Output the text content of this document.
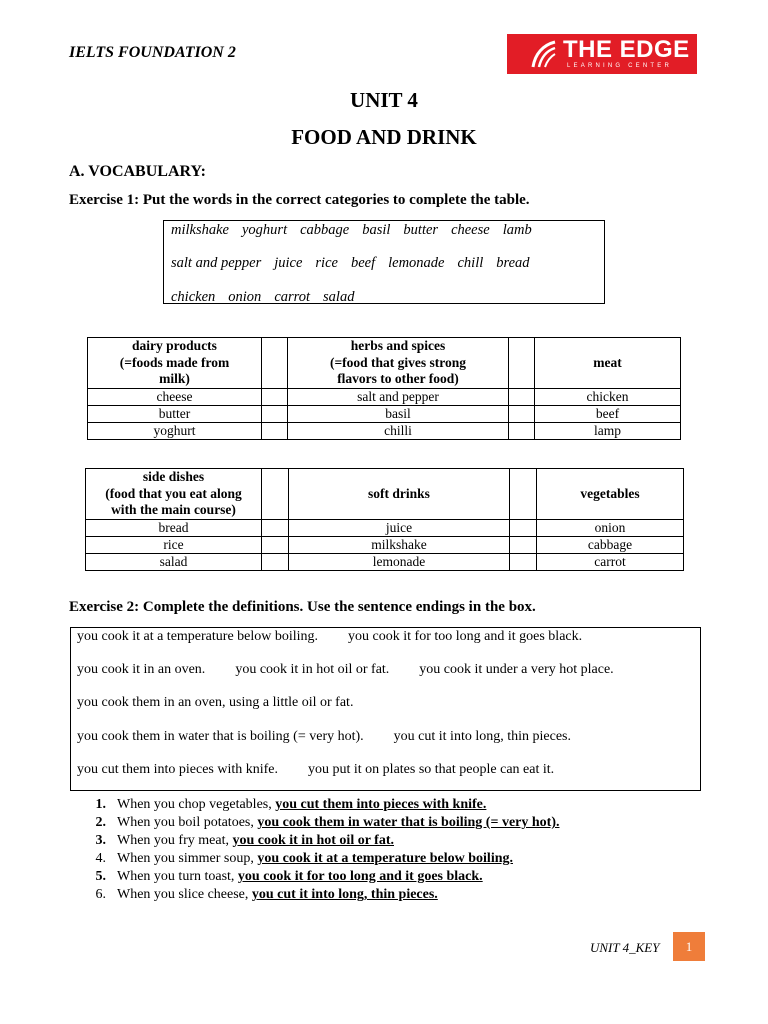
IELTS FOUNDATION 2	THE EDGE
LEARNING CENTER
UNIT 4
FOOD AND DRINK
A. VOCABULARY:
Exercise 1: Put the words in the correct categories to complete the table.
milkshake yoghurt cabbage basil butter cheese lamb
salt and pepper juice rice beef lemonade chill bread
chicken onion carrot salad
dairy products
(=foods made from
milk)		herbs and spices
(=food that gives strong
flavors to other food)		meat
cheese		salt and pepper		chicken
butter		basil		beef
yoghurt		chilli		lamp
side dishes
(food that you eat along
with the main course)		soft drinks		vegetables
bread		juice		onion
rice		milkshake		cabbage
salad		lemonade		carrot
Exercise 2: Complete the definitions. Use the sentence endings in the box.
you cook it at a temperature below boiling. you cook it for too long and it goes black.
you cook it in an oven. you cook it in hot oil or fat. you cook it under a very hot place.
you cook them in an oven, using a little oil or fat.
you cook them in water that is boiling (= very hot). you cut it into long, thin pieces.
you cut them into pieces with knife. you put it on plates so that people can eat it.
1. When you chop vegetables, you cut them into pieces with knife.
2. When you boil potatoes, you cook them in water that is boiling (= very hot).
3. When you fry meat, you cook it in hot oil or fat.
4. When you simmer soup, you cook it at a temperature below boiling.
5. When you turn toast, you cook it for too long and it goes black.
6. When you slice cheese, you cut it into long, thin pieces.
UNIT 4_KEY	1
